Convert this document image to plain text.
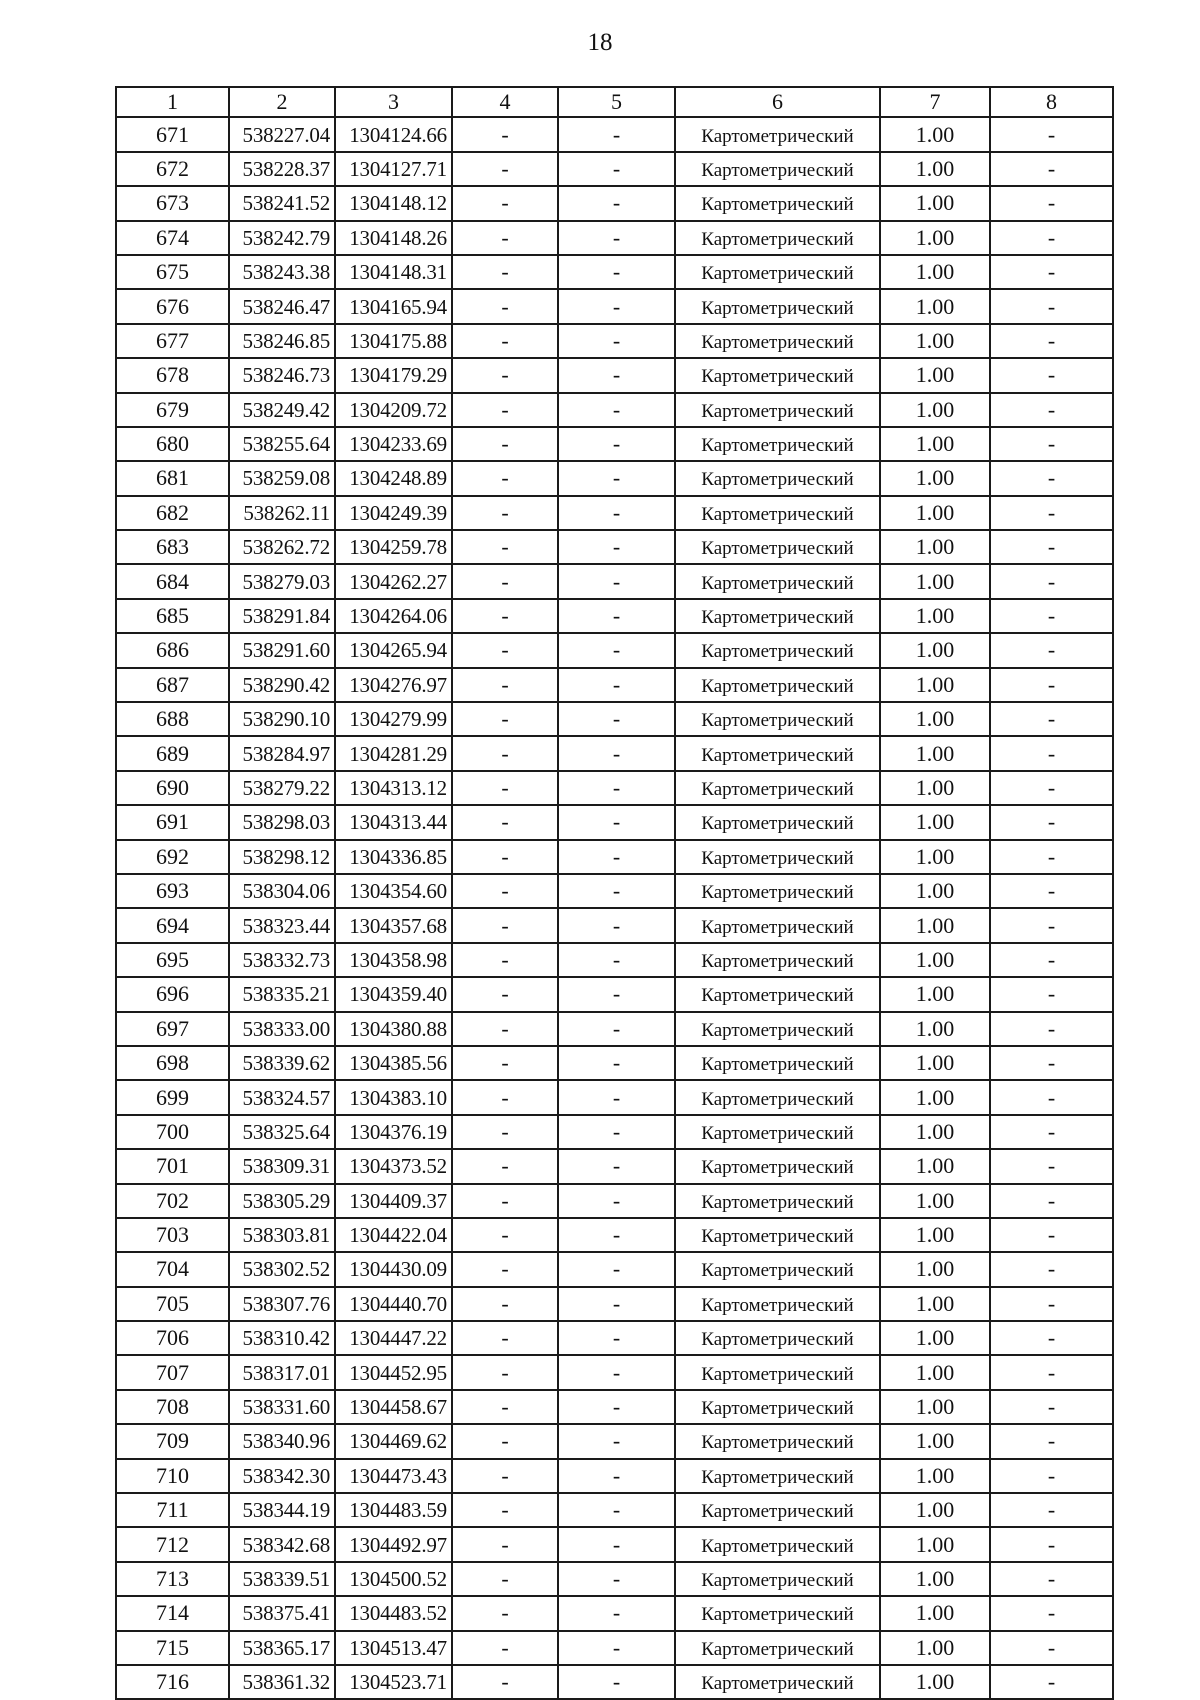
18
1	2	3	4	5	6	7	8
671	538227.04	1304124.66	-	-	Картометрический	1.00	-
672	538228.37	1304127.71	-	-	Картометрический	1.00	-
673	538241.52	1304148.12	-	-	Картометрический	1.00	-
674	538242.79	1304148.26	-	-	Картометрический	1.00	-
675	538243.38	1304148.31	-	-	Картометрический	1.00	-
676	538246.47	1304165.94	-	-	Картометрический	1.00	-
677	538246.85	1304175.88	-	-	Картометрический	1.00	-
678	538246.73	1304179.29	-	-	Картометрический	1.00	-
679	538249.42	1304209.72	-	-	Картометрический	1.00	-
680	538255.64	1304233.69	-	-	Картометрический	1.00	-
681	538259.08	1304248.89	-	-	Картометрический	1.00	-
682	538262.11	1304249.39	-	-	Картометрический	1.00	-
683	538262.72	1304259.78	-	-	Картометрический	1.00	-
684	538279.03	1304262.27	-	-	Картометрический	1.00	-
685	538291.84	1304264.06	-	-	Картометрический	1.00	-
686	538291.60	1304265.94	-	-	Картометрический	1.00	-
687	538290.42	1304276.97	-	-	Картометрический	1.00	-
688	538290.10	1304279.99	-	-	Картометрический	1.00	-
689	538284.97	1304281.29	-	-	Картометрический	1.00	-
690	538279.22	1304313.12	-	-	Картометрический	1.00	-
691	538298.03	1304313.44	-	-	Картометрический	1.00	-
692	538298.12	1304336.85	-	-	Картометрический	1.00	-
693	538304.06	1304354.60	-	-	Картометрический	1.00	-
694	538323.44	1304357.68	-	-	Картометрический	1.00	-
695	538332.73	1304358.98	-	-	Картометрический	1.00	-
696	538335.21	1304359.40	-	-	Картометрический	1.00	-
697	538333.00	1304380.88	-	-	Картометрический	1.00	-
698	538339.62	1304385.56	-	-	Картометрический	1.00	-
699	538324.57	1304383.10	-	-	Картометрический	1.00	-
700	538325.64	1304376.19	-	-	Картометрический	1.00	-
701	538309.31	1304373.52	-	-	Картометрический	1.00	-
702	538305.29	1304409.37	-	-	Картометрический	1.00	-
703	538303.81	1304422.04	-	-	Картометрический	1.00	-
704	538302.52	1304430.09	-	-	Картометрический	1.00	-
705	538307.76	1304440.70	-	-	Картометрический	1.00	-
706	538310.42	1304447.22	-	-	Картометрический	1.00	-
707	538317.01	1304452.95	-	-	Картометрический	1.00	-
708	538331.60	1304458.67	-	-	Картометрический	1.00	-
709	538340.96	1304469.62	-	-	Картометрический	1.00	-
710	538342.30	1304473.43	-	-	Картометрический	1.00	-
711	538344.19	1304483.59	-	-	Картометрический	1.00	-
712	538342.68	1304492.97	-	-	Картометрический	1.00	-
713	538339.51	1304500.52	-	-	Картометрический	1.00	-
714	538375.41	1304483.52	-	-	Картометрический	1.00	-
715	538365.17	1304513.47	-	-	Картометрический	1.00	-
716	538361.32	1304523.71	-	-	Картометрический	1.00	-
